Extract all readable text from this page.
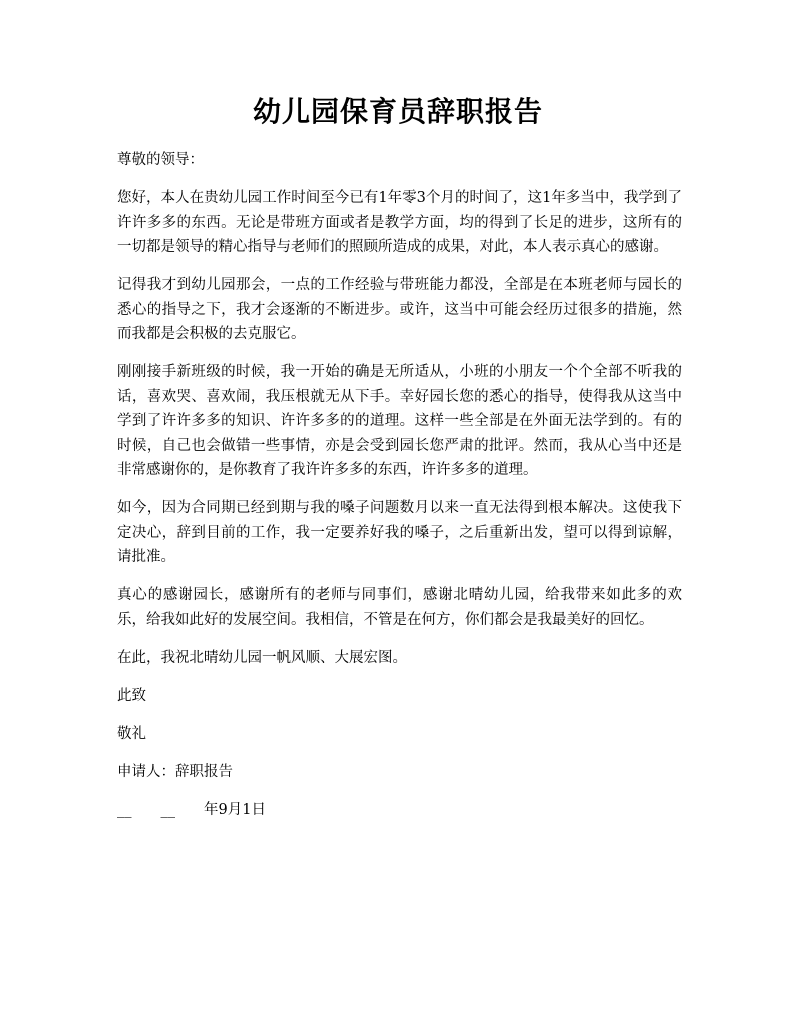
幼儿园保育员辞职报告

尊敬的领导：

您好，本人在贵幼儿园工作时间至今已有1年零3个月的时间了，这1年多当中，我学到了许许多多的东西。无论是带班方面或者是教学方面，均的得到了长足的进步，这所有的一切都是领导的精心指导与老师们的照顾所造成的成果，对此，本人表示真心的感谢。

记得我才到幼儿园那会，一点的工作经验与带班能力都没，全部是在本班老师与园长的悉心的指导之下，我才会逐渐的不断进步。或许，这当中可能会经历过很多的措施，然而我都是会积极的去克服它。

刚刚接手新班级的时候，我一开始的确是无所适从，小班的小朋友一个个全部不听我的话，喜欢哭、喜欢闹，我压根就无从下手。幸好园长您的悉心的指导，使得我从这当中学到了许许多多的知识、许许多多的的道理。这样一些全部是在外面无法学到的。有的时候，自己也会做错一些事情，亦是会受到园长您严肃的批评。然而，我从心当中还是非常感谢你的，是你教育了我许许多多的东西，许许多多的道理。

如今，因为合同期已经到期与我的嗓子问题数月以来一直无法得到根本解决。这使我下定决心，辞到目前的工作，我一定要养好我的嗓子，之后重新出发，望可以得到谅解，请批准。

真心的感谢园长，感谢所有的老师与同事们，感谢北晴幼儿园，给我带来如此多的欢乐，给我如此好的发展空间。我相信，不管是在何方，你们都会是我最美好的回忆。

在此，我祝北晴幼儿园一帆风顺、大展宏图。

此致

敬礼

申请人：辞职报告

__　　__　　年9月1日
